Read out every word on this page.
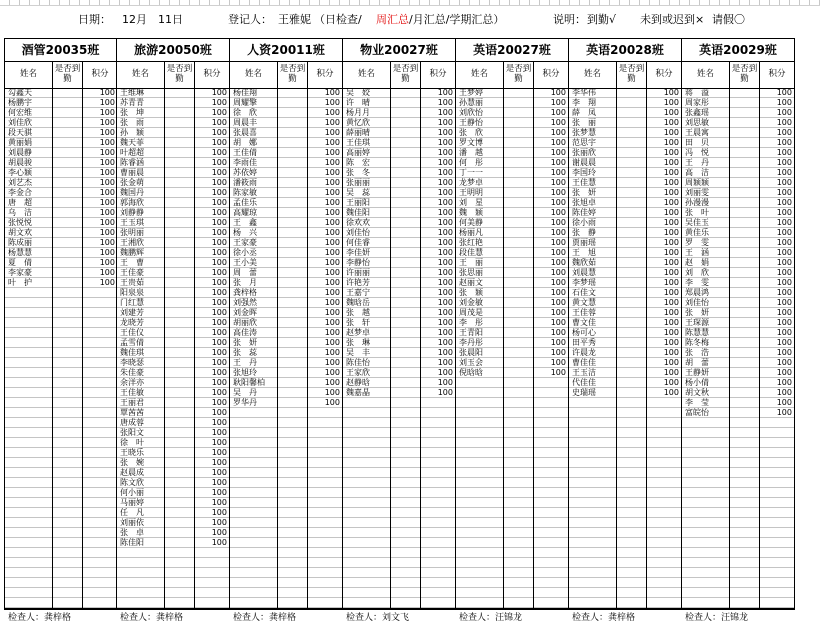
日期： 12月 11日	登记人： 王雅妮 （日检查/ 周汇总 /月汇总/学期汇总）	说明： 到勤√ 未到或迟到× 请假〇
酒管20035班
姓名	是否到勤	积分
勾鑫天	100
杨鹏宇	100
何宏维	100
刘佳欣	100
段天骐	100
黄丽娟	100
刘晨静	100
胡晨骏	100
李心颖	100
刘艺杰	100
李金合	100
唐　超	100
乌　洁	100
张悦悦	100
胡文欢	100
陈成丽	100
杨慧慧	100
夏　倩	100
李家豪	100
叶　护	100
检查人：龚梓格
旅游20050班
姓名	是否到勤	积分
王维琳	100
苏青青	100
张　坤	100
张　雨	100
孙　颖	100
魏天菲	100
叶超超	100
陈睿涵	100
曹丽晨	100
张金萌	100
魏国丹	100
郭海欣	100
刘静静	100
王玉琪	100
张明丽	100
王湘欣	100
魏鹏辉	100
王　曹	100
王佳豪	100
王贵茹	100
阳泉泉	100
门红慧	100
刘建芳	100
龙晓芳	100
王佳仪	100
孟雪倩	100
魏佳琪	100
李晓瑟	100
朱佳豪	100
余洋亦	100
王佳敏	100
王丽君	100
覃茜茜	100
唐成蓉	100
张阳文	100
徐　叶	100
王晓乐	100
张　婉	100
赵晨成	100
陈文欣	100
何小丽	100
马丽婷	100
任　凡	100
刘丽依	100
张　卓	100
陈佳阳	100
检查人：龚梓格
人资20011班
姓名	是否到勤	积分
杨佳翔	100
周耀擎	100
徐　欣	100
周晨丰	100
张晨喜	100
胡　娜	100
王佳倩	100
李雨佳	100
苏依婷	100
潘筱雨	100
陈家敏	100
孟佳乐	100
高耀琼	100
王　鑫	100
杨　兴	100
王家豪	100
徐小丞	100
王小美	100
周　蕾	100
张　月	100
龚梓格	100
刘强然	100
刘金晖	100
胡丽欣	100
高佳涛	100
张　妍	100
张　蕊	100
王　丹	100
张旭玲	100
耿阳馨柏	100
吴　丹	100
罗华丹	100
检查人：龚梓格
物业20027班
姓名	是否到勤	积分
吴　姣	100
许　晴	100
杨月月	100
黄忆欣	100
薛丽晴	100
王佳琪	100
高丽婷	100
陈　宏	100
张　冬	100
张丽丽	100
吴　蕊	100
王丽阳	100
魏佳阳	100
徐欢欢	100
刘佳怡	100
何佳睿	100
李佳妍	100
李静怡	100
许丽丽	100
许艳芳	100
王嘉宁	100
魏晗岳	100
张　越	100
张　轩	100
赵梦卓	100
张　琳	100
吴　丰	100
陈佳怡	100
王家欣	100
赵静晗	100
魏嘉晶	100
检查人：刘文飞
英语20027班
姓名	是否到勤	积分
王梦婷	100
孙慧丽	100
刘欣怡	100
王静怡	100
张　欣	100
罗文博	100
潘　越	100
何　彤	100
丁一一	100
龙梦卓	100
王明明	100
刘　星	100
魏　颖	100
何美静	100
杨丽凡	100
张红艳	100
段佳慧	100
王　丽	100
张思丽	100
赵丽文	100
张　颖	100
刘金敏	100
周茂是	100
李　彤	100
王青阳	100
李丹彤	100
张晨阳	100
刘玉会	100
倪晗晗	100
检查人：汪锦龙
英语20028班
姓名	是否到勤	积分
李华伟	100
李　翔	100
薛　凤	100
张　丽	100
张梦慧	100
范思宇	100
张丽欣	100
谢晨晨	100
李国玲	100
王佳慧	100
张　妍	100
张旭卓	100
陈佳婷	100
徐小雨	100
张　静	100
贾丽瑶	100
王　旭	100
魏欣茹	100
刘晨慧	100
李梦瑶	100
石佳文	100
黄文慧	100
王佳蓉	100
曹文佳	100
杨可心	100
田平秀	100
许晨龙	100
曹佳佳	100
王玉洁	100
代佳佳	100
史瑞瑶	100
检查人：龚梓格
英语20029班
姓名	是否到勤	积分
蒋　溢	100
周家彤	100
张鑫瑶	100
刘思敏	100
王晨寓	100
田　贝	100
冯　悦	100
王　丹	100
高　洁	100
周颖颖	100
刘丽雯	100
孙漫漫	100
张　叶	100
吴佳玉	100
黄佳乐	100
罗　雯	100
王　涵	100
赵　娟	100
刘　欣	100
李　雯	100
郑晨鸿	100
刘佳怡	100
张　妍	100
王琛源	100
陈慧慧	100
陈冬梅	100
张　浩	100
胡　蕾	100
王静妍	100
杨小倩	100
胡文秋	100
李　莹	100
富皖怡	100
检查人：汪锦龙
